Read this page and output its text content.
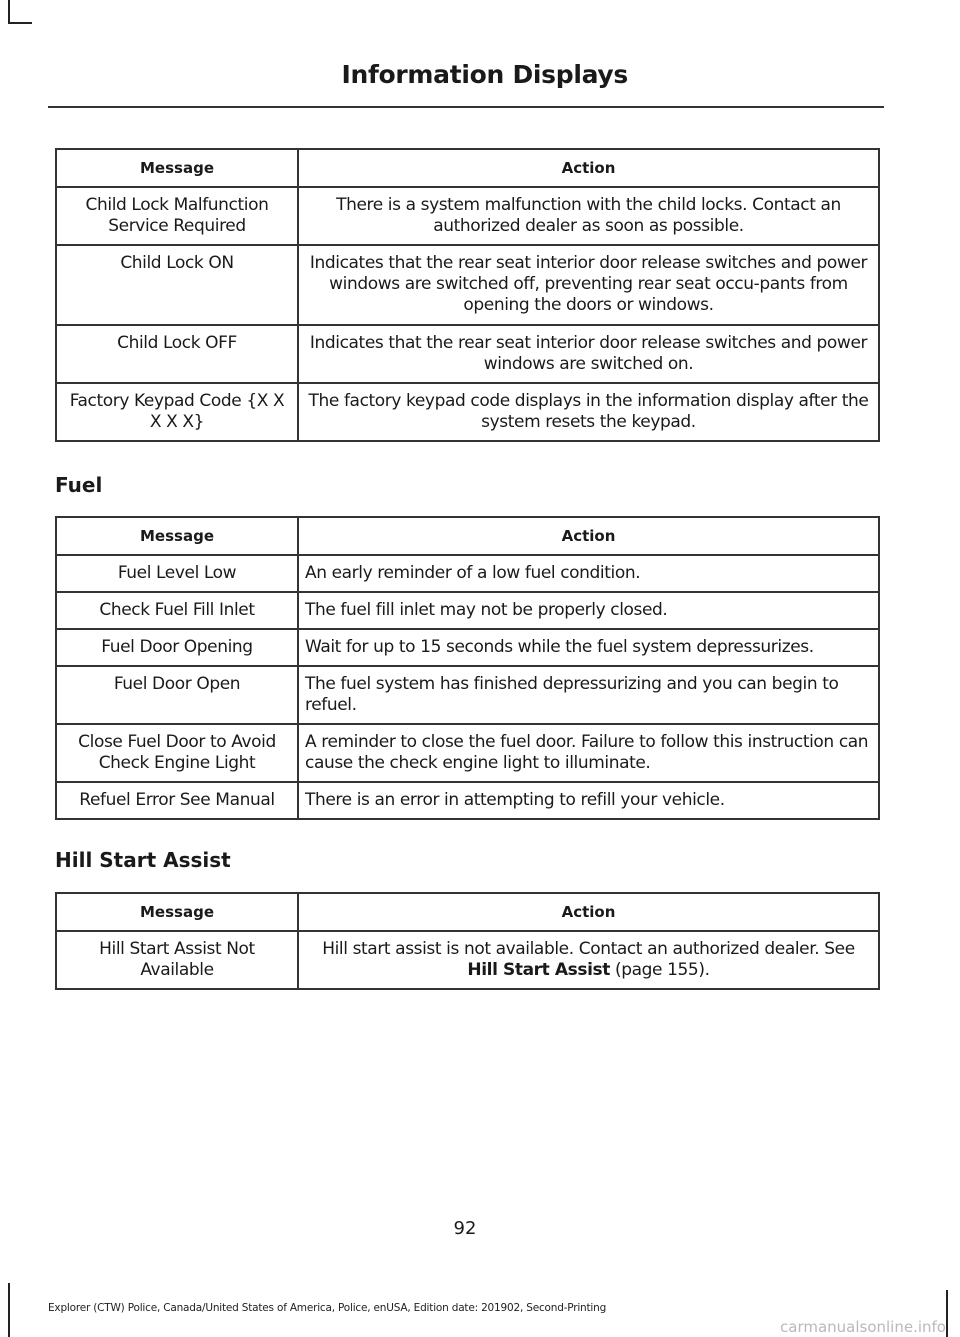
Information Displays
Message	Action
Child Lock Malfunction Service Required	There is a system malfunction with the child locks. Contact an authorized dealer as soon as possible.
Child Lock ON	Indicates that the rear seat interior door release switches and power windows are switched off, preventing rear seat occu-pants from opening the doors or windows.
Child Lock OFF	Indicates that the rear seat interior door release switches and power windows are switched on.
Factory Keypad Code {X X X X X}	The factory keypad code displays in the information display after the system resets the keypad.
Fuel
Message	Action
Fuel Level Low	An early reminder of a low fuel condition.
Check Fuel Fill Inlet	The fuel fill inlet may not be properly closed.
Fuel Door Opening	Wait for up to 15 seconds while the fuel system depressurizes.
Fuel Door Open	The fuel system has finished depressurizing and you can begin to refuel.
Close Fuel Door to Avoid Check Engine Light	A reminder to close the fuel door. Failure to follow this instruction can cause the check engine light to illuminate.
Refuel Error See Manual	There is an error in attempting to refill your vehicle.
Hill Start Assist
Message	Action
Hill Start Assist Not Available	Hill start assist is not available. Contact an authorized dealer. See Hill Start Assist (page 155).
92
Explorer (CTW) Police, Canada/United States of America, Police, enUSA, Edition date: 201902, Second-Printing
carmanualsonline.info
